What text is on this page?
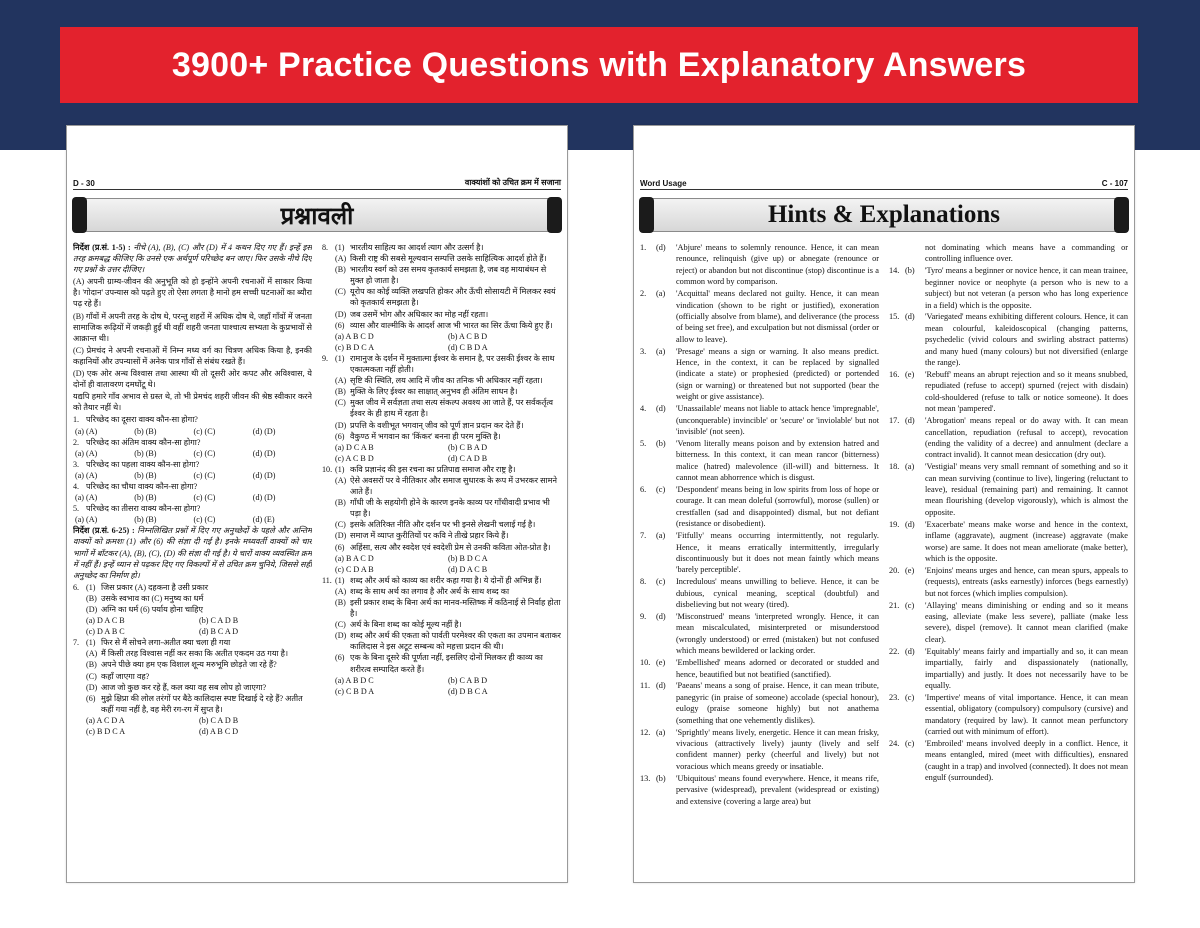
3900+ Practice Questions with Explanatory Answers
D - 30	वाक्यांशों को उचित क्रम में सजाना
प्रश्नावली
निर्देश (प्र.सं. 1-5) : नीचे (A), (B), (C) और (D) में 4 कथन दिए गए हैं। इन्हें इस तरह क्रमबद्ध कीजिए कि उनसे एक अर्थपूर्ण परिच्छेद बन जाए। फिर उसके नीचे दिए गए प्रश्नों के उत्तर दीजिए।
(A) अपनी ग्राम्य-जीवन की अनुभूति को हो इन्होंने अपनी रचनाओं में साकार किया है। 'गोदान' उपन्यास को पढ़ते हुए तो ऐसा लगता है मानो हम सच्ची घटनाओं का ब्यौरा पढ़ रहे हैं।
(B) गाँवों में अपनी तरह के दोष थे, परन्तु शहरों में अधिक दोष थे, जहाँ गाँवों में जनता सामाजिक रूढ़ियों में जकड़ी हुई थी वहीं शहरी जनता पाश्चात्य सभ्यता के कुप्रभावों से आक्रान्त थी।
(C) प्रेमचंद ने अपनी रचनाओं में निम्न मध्य वर्ग का चित्रण अधिक किया है, इनकी कहानियों और उपन्यासों में अनेक पात्र गाँवों से संबंध रखते हैं।
(D) एक ओर अन्ध विश्वास तथा आस्था थी तो दूसरी ओर कपट और अविश्वास, ये दोनों ही वातावरण दमघोंटू थे।
यद्यपि हमारे गाँव अभाव से ग्रस्त थे, तो भी प्रेमचंद शहरी जीवन की श्रेष्ठ स्वीकार करने को तैयार नहीं थे।
1. परिच्छेद का दूसरा वाक्य कौन-सा होगा?
(a) (A)	(b) (B)	(c) (C)	(d) (D)
2. परिच्छेद का अंतिम वाक्य कौन-सा होगा?
(a) (A)	(b) (B)	(c) (C)	(d) (D)
3. परिच्छेद का पहला वाक्य कौन-सा होगा?
(a) (A)	(b) (B)	(c) (C)	(d) (D)
4. परिच्छेद का चौथा वाक्य कौन-सा होगा?
(a) (A)	(b) (B)	(c) (C)	(d) (D)
5. परिच्छेद का तीसरा वाक्य कौन-सा होगा?
(a) (A)	(b) (B)	(c) (C)	(d) (E)
निर्देश (प्र.सं. 6-25) : निम्नलिखित प्रश्नों में दिए गए अनुच्छेदों के पहले और अन्तिम वाक्यों को क्रमशः (1) और (6) की संज्ञा दी गई है। इनके मध्यवर्ती वाक्यों को चार भागों में बाँटकर (A), (B), (C), (D) की संज्ञा दी गई है। ये चारों वाक्य व्यवस्थित क्रम में नहीं हैं। इन्हें ध्यान से पढ़कर दिए गए विकल्पों में से उचित क्रम चुनिये, जिससे सही अनुच्छेद का निर्माण हो।
6. (1) जिस प्रकार (A) दहकना है उसी प्रकार
(B) उसके स्वभाव का (C) मनुष्य का धर्म
(D) अग्नि का धर्म (6) पर्याय होना चाहिए
(a) D A C B	(b) C A D B
(c) D A B C	(d) B C A D
7. (1) फिर से मैं सोचने लगा-अतीत क्या चला ही गया
(A) मैं किसी तरह विश्वास नहीं कर सका कि अतीत एकदम उठ गया है।
(B) अपने पीछे क्या हम एक विशाल शून्य मरुभूमि छोड़ते जा रहे हैं?
(C) कहाँ जाएगा वह?
(D) आज जो कुछ कर रहे हैं, कल क्या वह सब लोप हो जाएगा?
(6) मुझे क्षिप्रा की लोल तरंगों पर बैठे कालिदास स्पष्ट दिखाई दे रहे हैं? अतीत कहीं गया नहीं है, वह मेरी रग-रग में सुप्त है।
(a) A C D A	(b) C A D B
(c) B D C A	(d) A B C D
8. (1) भारतीय साहित्य का आदर्श त्याग और उत्सर्ग है।
(A) किसी राष्ट्र की सबसे मूल्यवान सम्पत्ति उसके साहित्यिक आदर्श होते हैं।
(B) भारतीय स्वर्ग को उस समय कृतकार्य समझता है, जब वह मायाबंधन से मुक्त हो जाता है।
(C) यूरोप का कोई व्यक्ति लखपति होकर और ऊँची सोसायटी में मिलकर स्वयं को कृतकार्य समझता है।
(D) जब उसमें भोग और अधिकार का मोह नहीं रहता।
(6) व्यास और वाल्मीकि के आदर्श आज भी भारत का सिर ऊँचा किये हुए हैं।
(a) A B C D	(b) A C B D
(c) B D C A	(d) C B D A
9. (1) रामानुज के दर्शन में मुक्तात्मा ईश्वर के समान है, पर उसकी ईश्वर के साथ एकात्मकता नहीं होती।
(A) सृष्टि की स्थिति, लय आदि में जीव का तनिक भी अधिकार नहीं रहता।
(B) मुक्ति के लिए ईश्वर का साक्षात् अनुभव ही अंतिम साधन है।
(C) मुक्त जीव में सर्वज्ञता तथा सत्य संकल्प अवश्य आ जाते हैं, पर सर्वकर्तृत्व ईश्वर के ही हाथ में रहता है।
(D) प्रपत्ति के वशीभूत भगवान् जीव को पूर्ण ज्ञान प्रदान कर देते हैं।
(6) वैकुण्ठ में भगवान का 'किंकर' बनना ही परम मुक्ति है।
(a) D C A B	(b) C B A D
(c) A C B D	(d) C A D B
10. (1) कवि प्रज्ञानंद की इस रचना का प्रतिपाद्य समाज और राष्ट्र है।
(A) ऐसे अवसरों पर वे नीतिकार और समाज सुधारक के रूप में उभरकर सामने आते हैं।
(B) गाँधी जी के सहयोगी होने के कारण इनके काव्य पर गाँधीवादी प्रभाव भी पड़ा है।
(C) इसके अतिरिक्त नीति और दर्शन पर भी इनसे लेखनी चलाई गई है।
(D) समाज में व्याप्त कुरीतियों पर कवि ने तीखे प्रहार किये हैं।
(6) अहिंसा, सत्य और स्वदेश एवं स्वदेशी प्रेम से उनकी कविता ओत-प्रोत है।
(a) B A C D	(b) B D C A
(c) C D A B	(d) D A C B
11. (1) शब्द और अर्थ को काव्य का शरीर कहा गया है। ये दोनों ही अभिन्न हैं।
(A) शब्द के साथ अर्थ का लगाव है और अर्थ के साथ शब्द का
(B) इसी प्रकार शब्द के बिना अर्थ का मानव-मस्तिष्क में कठिनाई से निर्वाह होता है।
(C) अर्थ के बिना शब्द का कोई मूल्य नहीं है।
(D) शब्द और अर्थ की एकता को पार्वती परमेश्वर की एकता का उपमान बताकर कालिदास ने इस अटूट सम्बन्ध को महत्ता प्रदान की थी।
(6) एक के बिना दूसरे की पूर्णता नहीं, इसलिए दोनों मिलकर ही काव्य का शरीरत्व सम्पादित करते हैं।
(a) A B D C	(b) C A B D
(c) C B D A	(d) D B C A
Word Usage	C - 107
Hints & Explanations
1.	(d)	'Abjure' means to solemnly renounce. Hence, it can mean renounce, relinquish (give up) or abnegate (renounce or reject) or abandon but not discontinue (stop) discontinue is a common word by comparison.
2.	(a)	'Acquittal' means declared not guilty. Hence, it can mean vindication (shown to be right or justified), exoneration (officially absolve from blame), and deliverance (the process of being set free), and exculpation but not dismissal (order or allow to leave).
3.	(a)	'Presage' means a sign or warning. It also means predict. Hence, in the context, it can be replaced by signalled (indicate a state) or prophesied (predicted) or portended (sign or warning) or threatened but not supported (bear the weight or give assistance).
4.	(d)	'Unassailable' means not liable to attack hence 'impregnable', (unconquerable) invincible' or 'secure' or 'inviolable' but not 'invisible' (not seen).
5.	(b)	'Venom literally means poison and by extension hatred and bitterness. In this context, it can mean rancor (bitterness) malice (hatred) malevolence (ill-will) and bitterness. It cannot mean abhorrence which is disgust.
6.	(c)	'Despondent' means being in low spirits from loss of hope or courage. It can mean doleful (sorrowful), morose (sullen) or crestfallen (sad and disappointed) dismal, but not defiant (resistance or disobedient).
7.	(a)	'Fitfully' means occurring intermittently, not regularly. Hence, it means erratically intermittently, irregularly discontinuously but it does not mean faintly which means 'barely perceptible'.
8.	(c)	Incredulous' means unwilling to believe. Hence, it can be dubious, cynical meaning, sceptical (doubtful) and disbelieving but not weary (tired).
9.	(d)	'Misconstrued' means 'interpreted wrongly. Hence, it can mean miscalculated, misinterpreted or misunderstood (wrongly understood) or erred (mistaken) but not confused which means bewildered or lacking order.
10. (e)	'Embellished' means adorned or decorated or studded and hence, beautified but not beatified (sanctified).
11. (d)	'Paeans' means a song of praise. Hence, it can mean tribute, panegyric (in praise of someone) accolade (special honour), eulogy (praise someone highly) but not anathema (something that one vehemently dislikes).
12. (a)	'Sprightly' means lively, energetic. Hence it can mean frisky, vivacious (attractively lively) jaunty (lively and self confident manner) perky (cheerful and lively) but not voracious which means greedy or insatiable.
13. (b)	'Ubiquitous' means found everywhere. Hence, it means rife, pervasive (widespread), prevalent (widespread or existing) and extensive (covering a large area) but
not dominating which means have a commanding or controlling influence over.
14. (b)	'Tyro' means a beginner or novice hence, it can mean trainee, beginner novice or neophyte (a person who is new to a subject) but not veteran (a person who has long experience in a field) which is the opposite.
15. (d)	'Variegated' means exhibiting different colours. Hence, it can mean colourful, kaleidoscopical (changing patterns, psychedelic (vivid colours and swirling abstract patterns) and many hued (many colours) but not diversified (enlarge the range).
16. (e)	'Rebuff' means an abrupt rejection and so it means snubbed, repudiated (refuse to accept) spurned (reject with disdain) cold-shouldered (refuse to talk or notice someone). It does not mean 'pampered'.
17. (d)	'Abrogation' means repeal or do away with. It can mean cancellation, repudiation (refusal to accept), revocation (ending the validity of a decree) and annulment (declare a contract invalid). It cannot mean desiccation (dry out).
18. (a)	'Vestigial' means very small remnant of something and so it can mean surviving (continue to live), lingering (reluctant to leave), residual (remaining part) and remaining. It cannot mean flourishing (develop vigorously), which is almost the opposite.
19. (d)	'Exacerbate' means make worse and hence in the context, inflame (aggravate), augment (increase) aggravate (make worse) are same. It does not mean ameliorate (make better), which is the opposite.
20. (e)	'Enjoins' means urges and hence, can mean spurs, appeals to (requests), entreats (asks earnestly) inforces (begs earnestly) but not forces (which implies compulsion).
21. (c)	'Allaying' means diminishing or ending and so it means easing, alleviate (make less severe), palliate (make less severe), dispel (remove). It cannot mean clarified (make clear).
22. (d)	'Equitably' means fairly and impartially and so, it can mean impartially, fairly and dispassionately (nationally, impartially) and justly. It does not necessarily have to be equally.
23. (c)	'Impertive' means of vital importance. Hence, it can mean essential, obligatory (compulsory) compulsory (cursive) and mandatory (required by law). It cannot mean perfunctory (carried out with minimum of effort).
24. (c)	'Embroiled' means involved deeply in a conflict. Hence, it means entangled, mired (meet with difficulties), ensnared (caught in a trap) and involved (connected). It does not mean engulf (surrounded).
